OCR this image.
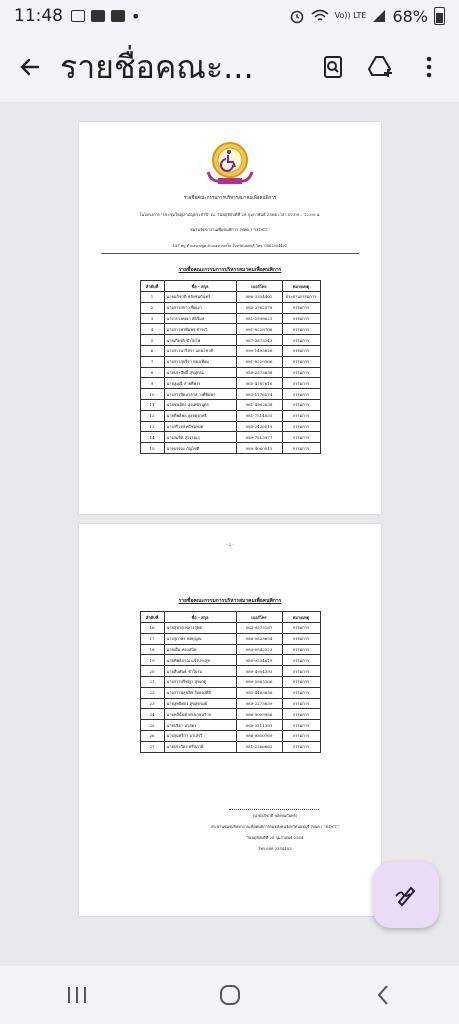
11:48	•	Vo)) LTE 68%
รายชื่อคณะ...
รายชื่อคณะกรรมการบริหารสมาคมเพื่อคนพิการ
ในโครงการ "ประชุมใหญ่สามัญประจำปี" ณ. วันพฤหัสบดีที่ 26 กุมภาพันธ์ 2564 เวลา 07.00 – 12.00 น.
ชมรมจัดหางานเพื่อคนพิการ (ชพค.) "HDCT."
187 หมู่ ตำบลบางพูด อำเภอปากเกร็ด จังหวัดนนทบุรี โทร. 0862354402
รายชื่อคณะกรรมการบริหารสมาคมเพื่อคนพิการ
ลำดับที่	ชื่อ - สกุล	เบอร์โทร	หมายเหตุ
1	นายอภิชาติ พลังชนกันทร์	086-3354402	ประธานกรรมการ
2	นางสาวสกาว ฟื่อเงา	080-3762578	กรรมการ
3	นางวรางคณา สัตรีมล	081-2598621	กรรมการ
4	นางสาวพรพิมพร ธำรงวิ	081-8228708	กรรมการ
5	นายเกียรติ ชำใบโพ	087-3875243	กรรมการ
6	นางสาวนาริสรา แสนโชวดี	099-1495826	กรรมการ
7	นางสาวสุจรีรา ทองเทียม	081-8229566	กรรมการ
8	นายประสิทธิ์ สุขสุดรม	089-2575658	กรรมการ
9	นายสุมุณี สายทีพงร	065-4787616	กรรมการ
10	นางสาวปิยมาลาส วงศ์พิมพา	085-1776574	กรรมการ
11	นายชนมิตร ลุงเพชรนุทร	061-4962638	กรรมการ
12	นายทิพย์พล ลุงจตุรฤทธิ	081-7514055	กรรมการ
13	นางสรีวงษ์ ศรีชมพงศ	085-2426519	กรรมการ
14	นางสมจิต สุวรรณฤ	089-7815977	กรรมการ
15	นางบรรจง ภัญโชติ	089-4060515	กรรมการ
- 2 -
รายชื่อคณะกรรมการบริหารสมาคมเพื่อคนพิการ
ลำดับที่	ชื่อ - สกุล	เบอร์โทร	หมายเหตุ
16	นายสุชาต พลางสุทธ	063-9575167	กรรมการ
17	นางสุภาพร พลบุญณ	086-0823654	กรรมการ
18	นายเต็ม ทองสนิท	083-0542523	กรรมการ
19	นายทิพย์ภาณ แจ้งประสุข	085-9334619	กรรมการ
20	นายสืบพันธ์ ชำใบรม	089-4954393	กรรมการ
21	นางสาวปรีชญา สุขเกตุ	089-5965566	กรรมการ
22	นางสาวพลุขลิช ร้อยลงพิลิ	083-4463656	กรรมการ
23	นายสุทธิศกร สุขสุดรมย์	089-2275659	กรรมการ
24	นายหลีนั้นท์ ทรงเกษมวิวก	086-9009986	กรรมการ
25	นายปริยา มาสดร	080-3311351	กรรมการ
26	นางสุนทรีกา มาเสรวี	086-0350769	กรรมการ
27	นายประวิตร ศรีสุภาดิ	081-2266662	กรรมการ
(นายอภิชาติ พลังชนกันทร์)
ประธานชมรมจัดหางานเพื่อคนพิการรมหลังคนจังหวัดนนทบุรี (ชพค.) "HDCT."
วันพฤหัสบดีที่ 26 กุมภาพันธ์ 2564
โทร.086-3354402
